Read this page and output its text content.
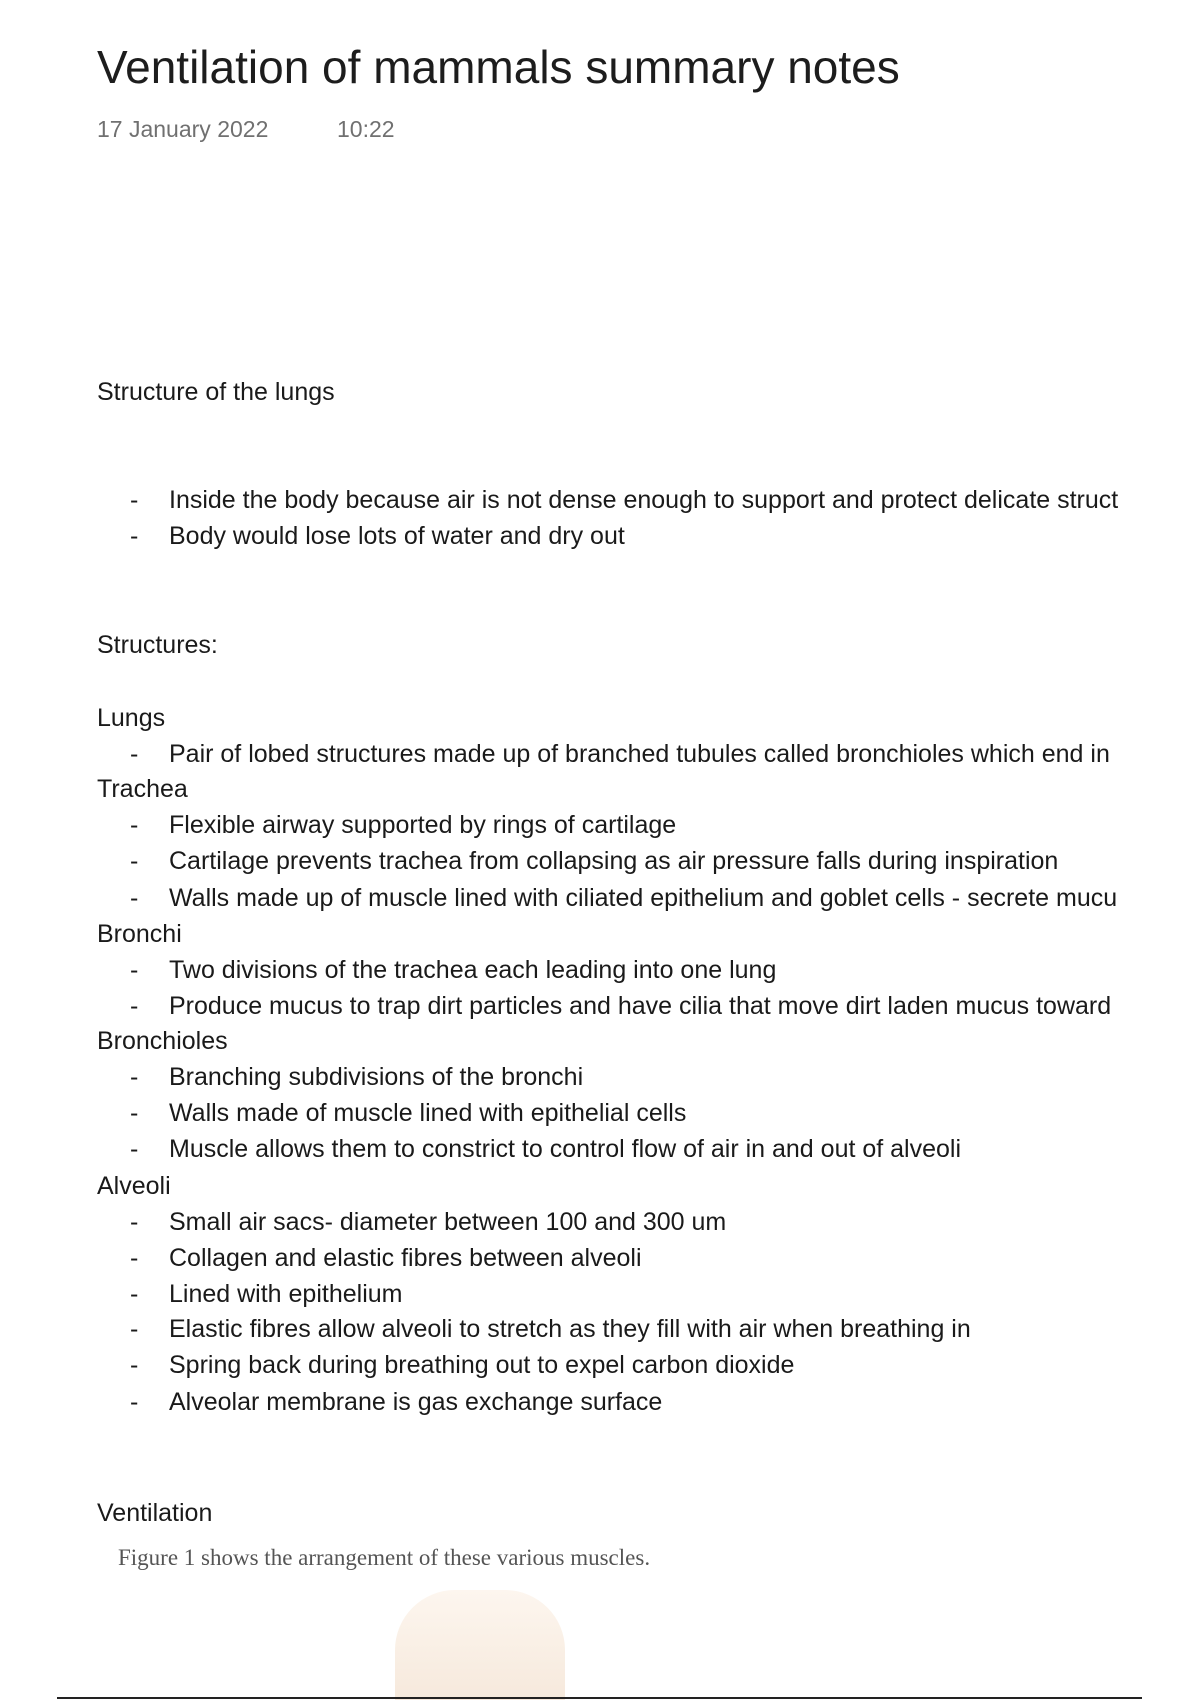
Ventilation of mammals summary notes
17 January 2022	10:22
Structure of the lungs
- Inside the body because air is not dense enough to support and protect delicate struct
- Body would lose lots of water and dry out
Structures:
Lungs
- Pair of lobed structures made up of branched tubules called bronchioles which end in
Trachea
- Flexible airway supported by rings of cartilage
- Cartilage prevents trachea from collapsing as air pressure falls during inspiration
- Walls made up of muscle lined with ciliated epithelium and goblet cells - secrete mucu
Bronchi
- Two divisions of the trachea each leading into one lung
- Produce mucus to trap dirt particles and have cilia that move dirt laden mucus toward
Bronchioles
- Branching subdivisions of the bronchi
- Walls made of muscle lined with epithelial cells
- Muscle allows them to constrict to control flow of air in and out of alveoli
Alveoli
- Small air sacs- diameter between 100 and 300 um
- Collagen and elastic fibres between alveoli
- Lined with epithelium
- Elastic fibres allow alveoli to stretch as they fill with air when breathing in
- Spring back during breathing out to expel carbon dioxide
- Alveolar membrane is gas exchange surface
Ventilation
Figure 1 shows the arrangement of these various muscles.
